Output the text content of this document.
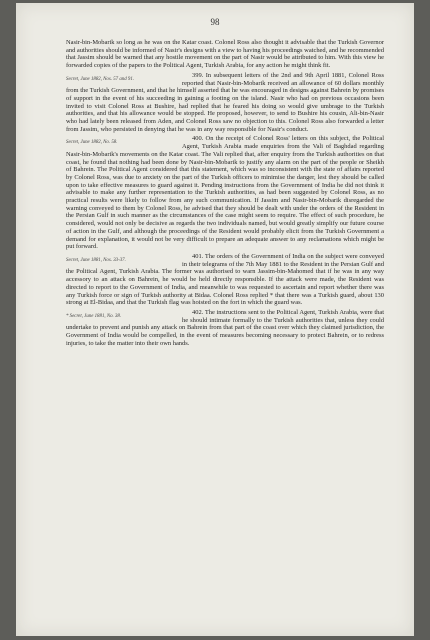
98

Nasir-bin-Mobarik so long as he was on the Katar coast. Colonel Ross also thought it advisable that the Turkish Governor and authorities should be informed of Nasir's designs with a view to having his proceedings watched, and he recommended that Jassim should be warned that any hostile movement on the part of Nasir would be attributed to him. With this view he forwarded copies of the papers to the Political Agent, Turkish Arabia, for any action he might think fit.

Secret, June 1882, Nos. 57 and 91.
399. In subsequent letters of the 2nd and 9th April 1881, Colonel Ross reported that Nasir-bin-Mobarik received an allowance of 60 dollars monthly from the Turkish Government, and that he himself asserted that he was encouraged in designs against Bahrein by promises of support in the event of his succeeding in gaining a footing on the island. Nasir who had on previous occasions been invited to visit Colonel Ross at Bushire, had replied that he feared his doing so would give umbrage to the Turkish authorities, and that his allowance would be stopped. He proposed, however, to send to Bushire his cousin, Ali-bin-Nasir who had lately been released from Aden, and Colonel Ross saw no objection to this. Colonel Ross also forwarded a letter from Jassim, who persisted in denying that he was in any way responsible for Nasir's conduct.

Secret, June 1882, No. 58.
400. On the receipt of Colonel Ross' letters on this subject, the Political Agent, Turkish Arabia made enquiries from the Vali of Baghdad regarding Nasir-bin-Mobarik's movements on the Katar coast. The Vali replied that, after enquiry from the Turkish authorities on that coast, he found that nothing had been done by Nasir-bin-Mobarik to justify any alarm on the part of the people or Sheikh of Bahrein. The Political Agent considered that this statement, which was so inconsistent with the state of affairs reported by Colonel Ross, was due to anxiety on the part of the Turkish officers to minimise the danger, lest they should be called upon to take effective measures to guard against it. Pending instructions from the Government of India he did not think it advisable to make any further representation to the Turkish authorities, as had been suggested by Colonel Ross, as no practical results were likely to follow from any such communication. If Jassim and Nasir-bin-Mobarik disregarded the warning conveyed to them by Colonel Ross, he advised that they should be dealt with under the orders of the Resident in the Persian Gulf in such manner as the circumstances of the case might seem to require. The effect of such procedure, he considered, would not only be decisive as regards the two individuals named, but would greatly simplify our future course of action in the Gulf, and although the proceedings of the Resident would probably elicit from the Turkish Government a demand for explanation, it would not be very difficult to prepare an adequate answer to any reclamations which might be put forward.

Secret, June 1881, Nos. 33-37.
401. The orders of the Government of India on the subject were conveyed in their telegrams of the 7th May 1881 to the Resident in the Persian Gulf and the Political Agent, Turkish Arabia. The former was authorised to warn Jassim-bin-Mahomed that if he was in any way accessory to an attack on Bahrein, he would be held directly responsible. If the attack were made, the Resident was directed to report to the Government of India, and meanwhile to was requested to ascertain and report whether there was any Turkish force or sign of Turkish authority at Bidaa. Colonel Ross replied * that there was a Turkish guard, about 130 strong at El-Bidaa, and that the Turkish flag was hoisted on the fort in which the guard was.

* Secret, June 1881, No. 38.
402. The instructions sent to the Political Agent, Turkish Arabia, were that he should intimate formally to the Turkish authorities that, unless they could undertake to prevent and punish any attack on Bahrein from that part of the coast over which they claimed jurisdiction, the Government of India would be compelled, in the event of measures becoming necessary to protect Bahrein, or to redress injuries, to take the matter into their own hands.
